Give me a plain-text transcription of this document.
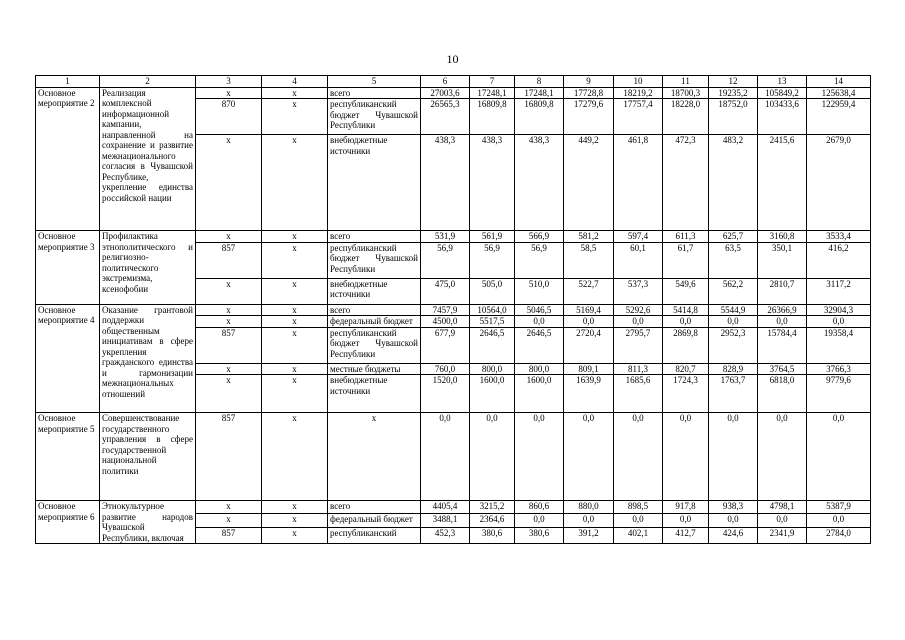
10
1	2	3	4	5	6	7	8	9	10	11	12	13	14
Основное мероприятие 2	Реализация комплексной информационной кампании, направленной на сохранение и развитие межнационального согласия в Чувашской Республике, укрепление единства российской нации	х	х	всего	27003,6	17248,1	17248,1	17728,8	18219,2	18700,3	19235,2	105849,2	125638,4
		870	х	республиканский бюджет Чувашской Республики	26565,3	16809,8	16809,8	17279,6	17757,4	18228,0	18752,0	103433,6	122959,4
		х	х	внебюджетные источники	438,3	438,3	438,3	449,2	461,8	472,3	483,2	2415,6	2679,0
Основное мероприятие 3	Профилактика этнополитического и религиозно-политического экстремизма, ксенофобии	х	х	всего	531,9	561,9	566,9	581,2	597,4	611,3	625,7	3160,8	3533,4
		857	х	республиканский бюджет Чувашской Республики	56,9	56,9	56,9	58,5	60,1	61,7	63,5	350,1	416,2
		х	х	внебюджетные источники	475,0	505,0	510,0	522,7	537,3	549,6	562,2	2810,7	3117,2
Основное мероприятие 4	Оказание грантовой поддержки общественным инициативам в сфере укрепления гражданского единства и гармонизации межнациональных отношений	х	х	всего	7457,9	10564,0	5046,5	5169,4	5292,6	5414,8	5544,9	26366,9	32904,3
		х	х	федеральный бюджет	4500,0	5517,5	0,0	0,0	0,0	0,0	0,0	0,0	0,0
		857	х	республиканский бюджет Чувашской Республики	677,9	2646,5	2646,5	2720,4	2795,7	2869,8	2952,3	15784,4	19358,4
		х	х	местные бюджеты	760,0	800,0	800,0	809,1	811,3	820,7	828,9	3764,5	3766,3
		х	х	внебюджетные источники	1520,0	1600,0	1600,0	1639,9	1685,6	1724,3	1763,7	6818,0	9779,6
Основное мероприятие 5	Совершенствование государственного управления в сфере государственной национальной политики	857	х	х	0,0	0,0	0,0	0,0	0,0	0,0	0,0	0,0	0,0
Основное мероприятие 6	Этнокультурное развитие народов Чувашской Республики, включая	х	х	всего	4405,4	3215,2	860,6	880,0	898,5	917,8	938,3	4798,1	5387,9
		х	х	федеральный бюджет	3488,1	2364,6	0,0	0,0	0,0	0,0	0,0	0,0	0,0
		857	х	республиканский	452,3	380,6	380,6	391,2	402,1	412,7	424,6	2341,9	2784,0
